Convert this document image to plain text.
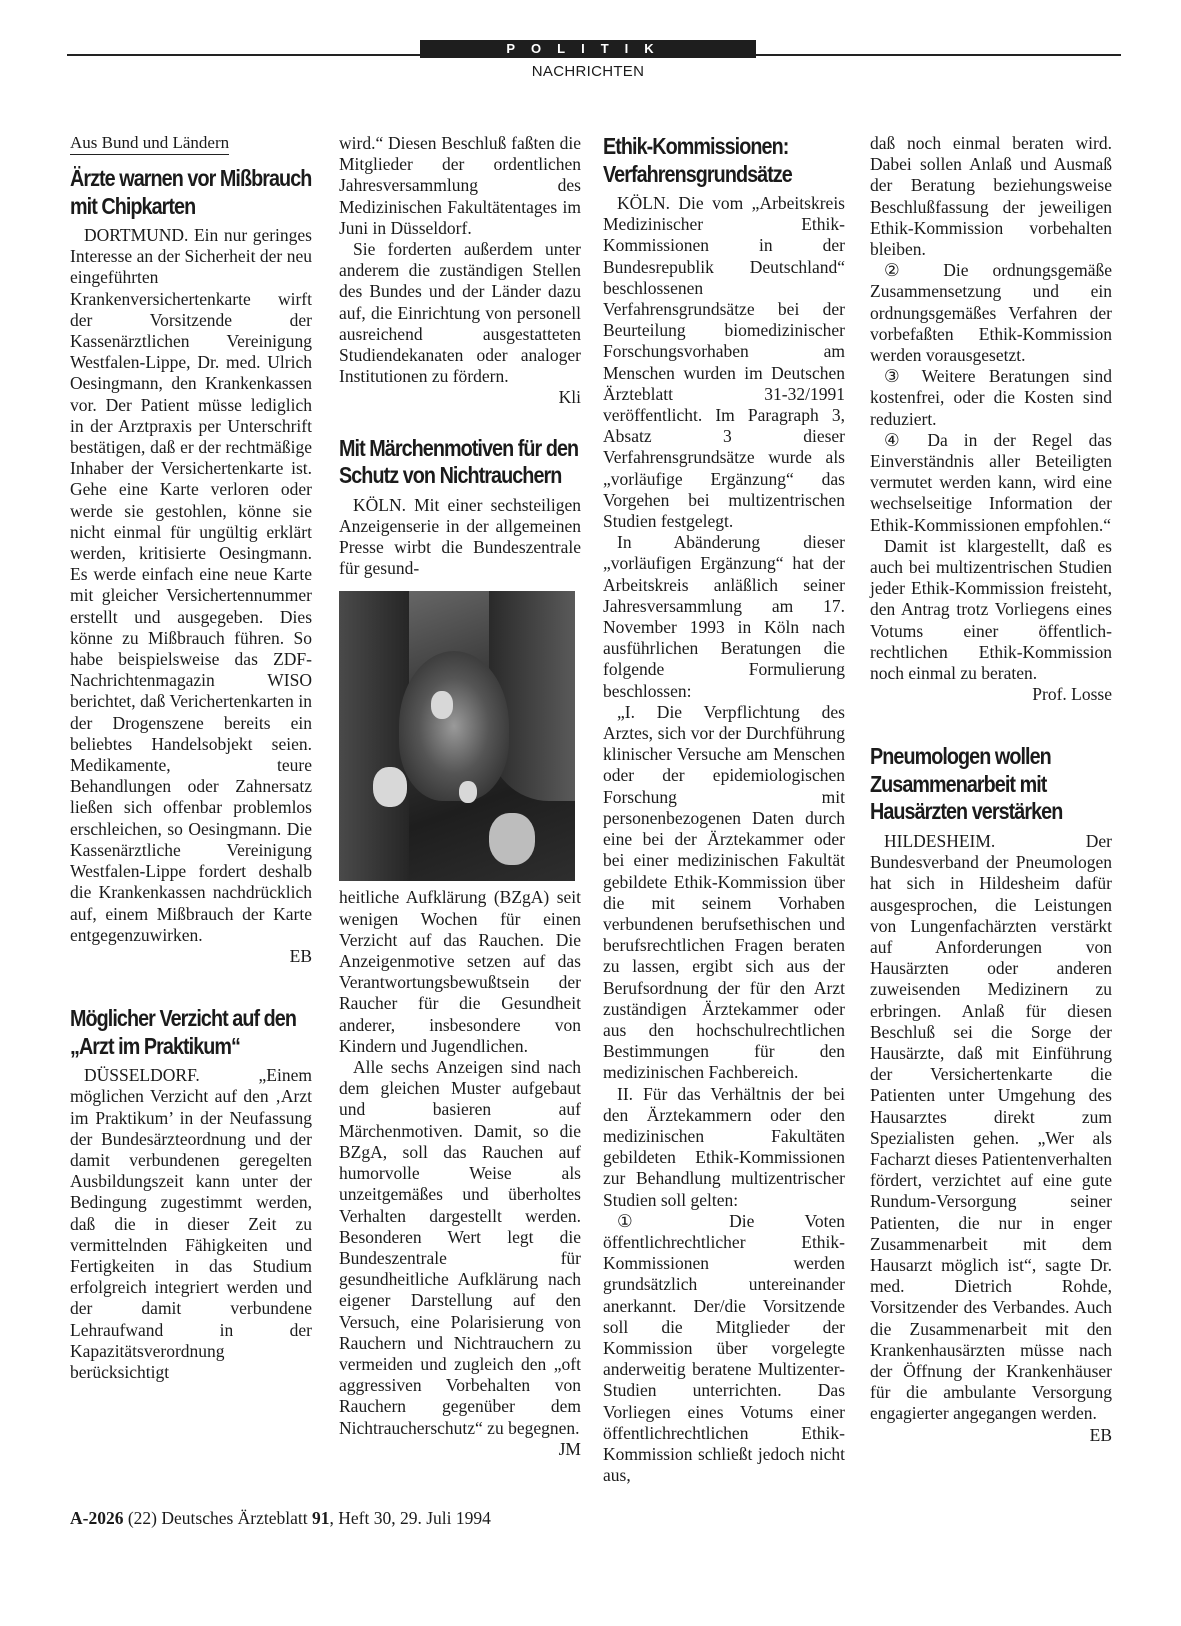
POLITIK
NACHRICHTEN
Aus Bund und Ländern
Ärzte warnen vor Mißbrauch mit Chipkarten

DORTMUND. Ein nur geringes Interesse an der Sicherheit der neu eingeführten Krankenversichertenkarte wirft der Vorsitzende der Kassenärztlichen Vereinigung Westfalen-Lippe, Dr. med. Ulrich Oesingmann, den Krankenkassen vor. Der Patient müsse lediglich in der Arztpraxis per Unterschrift bestätigen, daß er der rechtmäßige Inhaber der Versichertenkarte ist. Gehe eine Karte verloren oder werde sie gestohlen, könne sie nicht einmal für ungültig erklärt werden, kritisierte Oesingmann. Es werde einfach eine neue Karte mit gleicher Versichertennummer erstellt und ausgegeben. Dies könne zu Mißbrauch führen. So habe beispielsweise das ZDF-Nachrichtenmagazin WISO berichtet, daß Verichertenkarten in der Drogenszene bereits ein beliebtes Handelsobjekt seien. Medikamente, teure Behandlungen oder Zahnersatz ließen sich offenbar problemlos erschleichen, so Oesingmann. Die Kassenärztliche Vereinigung Westfalen-Lippe fordert deshalb die Krankenkassen nachdrücklich auf, einem Mißbrauch der Karte entgegenzuwirken.

EB

Möglicher Verzicht auf den „Arzt im Praktikum“

DÜSSELDORF. „Einem möglichen Verzicht auf den ‚Arzt im Praktikum’ in der Neufassung der Bundesärzteordnung und der damit verbundenen geregelten Ausbildungszeit kann unter der Bedingung zugestimmt werden, daß die in dieser Zeit zu vermittelnden Fähigkeiten und Fertigkeiten in das Studium erfolgreich integriert werden und der damit verbundene Lehraufwand in der Kapazitätsverordnung berücksichtigt

wird.“ Diesen Beschluß faßten die Mitglieder der ordentlichen Jahresversammlung des Medizinischen Fakultätentages im Juni in Düsseldorf.

Sie forderten außerdem unter anderem die zuständigen Stellen des Bundes und der Länder dazu auf, die Einrichtung von personell ausreichend ausgestatteten Studiendekanaten oder analoger Institutionen zu fördern.

Kli

Mit Märchenmotiven für den Schutz von Nichtrauchern

KÖLN. Mit einer sechsteiligen Anzeigenserie in der allgemeinen Presse wirbt die Bundeszentrale für gesund-

heitliche Aufklärung (BZgA) seit wenigen Wochen für einen Verzicht auf das Rauchen. Die Anzeigenmotive setzen auf das Verantwortungsbewußtsein der Raucher für die Gesundheit anderer, insbesondere von Kindern und Jugendlichen.

Alle sechs Anzeigen sind nach dem gleichen Muster aufgebaut und basieren auf Märchenmotiven. Damit, so die BZgA, soll das Rauchen auf humorvolle Weise als unzeitgemäßes und überholtes Verhalten dargestellt werden. Besonderen Wert legt die Bundeszentrale für gesundheitliche Aufklärung nach eigener Darstellung auf den Versuch, eine Polarisierung von Rauchern und Nichtrauchern zu vermeiden und zugleich den „oft aggressiven Vorbehalten von Rauchern gegenüber dem Nichtraucherschutz“ zu begegnen.

JM

Ethik-Kommissionen: Verfahrensgrundsätze

KÖLN. Die vom „Arbeitskreis Medizinischer Ethik-Kommissionen in der Bundesrepublik Deutschland“ beschlossenen Verfahrensgrundsätze bei der Beurteilung biomedizinischer Forschungsvorhaben am Menschen wurden im Deutschen Ärzteblatt 31-32/1991 veröffentlicht. Im Paragraph 3, Absatz 3 dieser Verfahrensgrundsätze wurde als „vorläufige Ergänzung“ das Vorgehen bei multizentrischen Studien festgelegt.

In Abänderung dieser „vorläufigen Ergänzung“ hat der Arbeitskreis anläßlich seiner Jahresversammlung am 17. November 1993 in Köln nach ausführlichen Beratungen die folgende Formulierung beschlossen:

„I. Die Verpflichtung des Arztes, sich vor der Durchführung klinischer Versuche am Menschen oder der epidemiologischen Forschung mit personenbezogenen Daten durch eine bei der Ärztekammer oder bei einer medizinischen Fakultät gebildete Ethik-Kommission über die mit seinem Vorhaben verbundenen berufsethischen und berufsrechtlichen Fragen beraten zu lassen, ergibt sich aus der Berufsordnung der für den Arzt zuständigen Ärztekammer oder aus den hochschulrechtlichen Bestimmungen für den medizinischen Fachbereich.

II. Für das Verhältnis der bei den Ärztekammern oder den medizinischen Fakultäten gebildeten Ethik-Kommissionen zur Behandlung multizentrischer Studien soll gelten:

① Die Voten öffentlichrechtlicher Ethik-Kommissionen werden grundsätzlich untereinander anerkannt. Der/die Vorsitzende soll die Mitglieder der Kommission über vorgelegte anderweitig beratene Multizenter-Studien unterrichten. Das Vorliegen eines Votums einer öffentlichrechtlichen Ethik-Kommission schließt jedoch nicht aus,

daß noch einmal beraten wird. Dabei sollen Anlaß und Ausmaß der Beratung beziehungsweise Beschlußfassung der jeweiligen Ethik-Kommission vorbehalten bleiben.

② Die ordnungsgemäße Zusammensetzung und ein ordnungsgemäßes Verfahren der vorbefaßten Ethik-Kommission werden vorausgesetzt.

③ Weitere Beratungen sind kostenfrei, oder die Kosten sind reduziert.

④ Da in der Regel das Einverständnis aller Beteiligten vermutet werden kann, wird eine wechselseitige Information der Ethik-Kommissionen empfohlen.“

Damit ist klargestellt, daß es auch bei multizentrischen Studien jeder Ethik-Kommission freisteht, den Antrag trotz Vorliegens eines Votums einer öffentlich-rechtlichen Ethik-Kommission noch einmal zu beraten.

Prof. Losse

Pneumologen wollen Zusammenarbeit mit Hausärzten verstärken

HILDESHEIM. Der Bundesverband der Pneumologen hat sich in Hildesheim dafür ausgesprochen, die Leistungen von Lungenfachärzten verstärkt auf Anforderungen von Hausärzten oder anderen zuweisenden Medizinern zu erbringen. Anlaß für diesen Beschluß sei die Sorge der Hausärzte, daß mit Einführung der Versichertenkarte die Patienten unter Umgehung des Hausarztes direkt zum Spezialisten gehen. „Wer als Facharzt dieses Patientenverhalten fördert, verzichtet auf eine gute Rundum-Versorgung seiner Patienten, die nur in enger Zusammenarbeit mit dem Hausarzt möglich ist“, sagte Dr. med. Dietrich Rohde, Vorsitzender des Verbandes. Auch die Zusammenarbeit mit den Krankenhausärzten müsse nach der Öffnung der Krankenhäuser für die ambulante Versorgung engagierter angegangen werden.

EB

A-2026 (22) Deutsches Ärzteblatt 91, Heft 30, 29. Juli 1994
